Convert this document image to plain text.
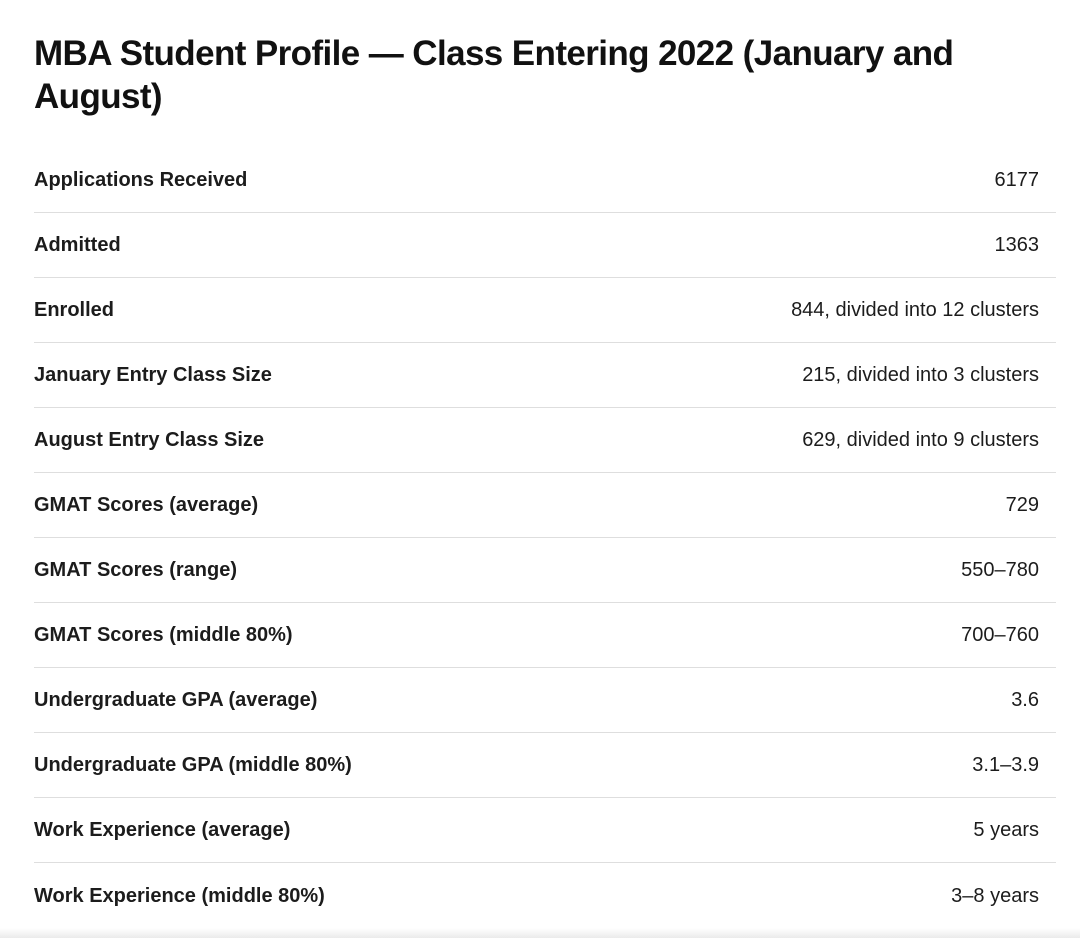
MBA Student Profile — Class Entering 2022 (January and August)
Applications Received	6177
Admitted	1363
Enrolled	844, divided into 12 clusters
January Entry Class Size	215, divided into 3 clusters
August Entry Class Size	629, divided into 9 clusters
GMAT Scores (average)	729
GMAT Scores (range)	550–780
GMAT Scores (middle 80%)	700–760
Undergraduate GPA (average)	3.6
Undergraduate GPA (middle 80%)	3.1–3.9
Work Experience (average)	5 years
Work Experience (middle 80%)	3–8 years
